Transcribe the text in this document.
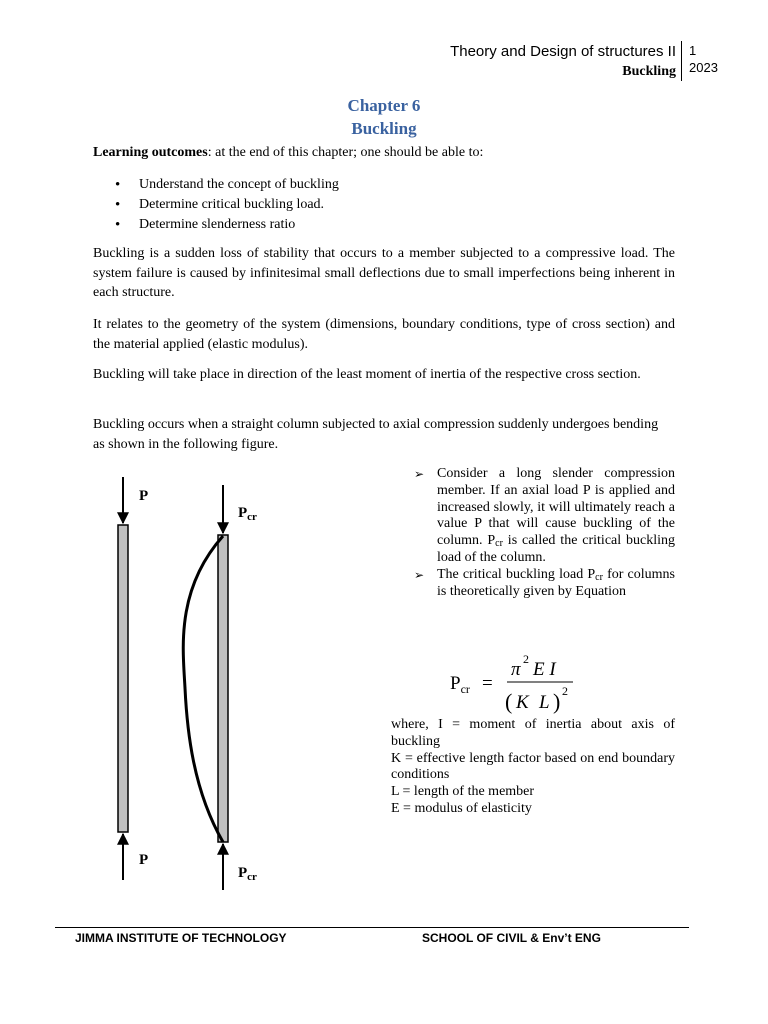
Theory and Design of structures II
Buckling
1
2023
Chapter 6
Buckling
Learning outcomes: at the end of this chapter; one should be able to:
• Understand the concept of buckling
• Determine critical buckling load.
• Determine slenderness ratio
Buckling is a sudden loss of stability that occurs to a member subjected to a compressive load. The system failure is caused by infinitesimal small deflections due to small imperfections being inherent in each structure.
It relates to the geometry of the system (dimensions, boundary conditions, type of cross section) and the material applied (elastic modulus).
Buckling will take place in direction of the least moment of inertia of the respective cross section.
Buckling occurs when a straight column subjected to axial compression suddenly undergoes bending as shown in the following figure.
P
P
$P_{cr}$
$P_{cr}$
➢ Consider a long slender compression member. If an axial load P is applied and increased slowly, it will ultimately reach a value P that will cause buckling of the column. $P_{cr}$ is called the critical buckling load of the column.
➢ The critical buckling load $P_{cr}$ for columns is theoretically given by Equation
$P_{cr}$ =
π 2 E I
( K L ) 2
where, I = moment of inertia about axis of buckling
K = effective length factor based on end boundary conditions
L = length of the member
E = modulus of elasticity
JIMMA INSTITUTE OF TECHNOLOGY	SCHOOL OF CIVIL & Env’t ENG
